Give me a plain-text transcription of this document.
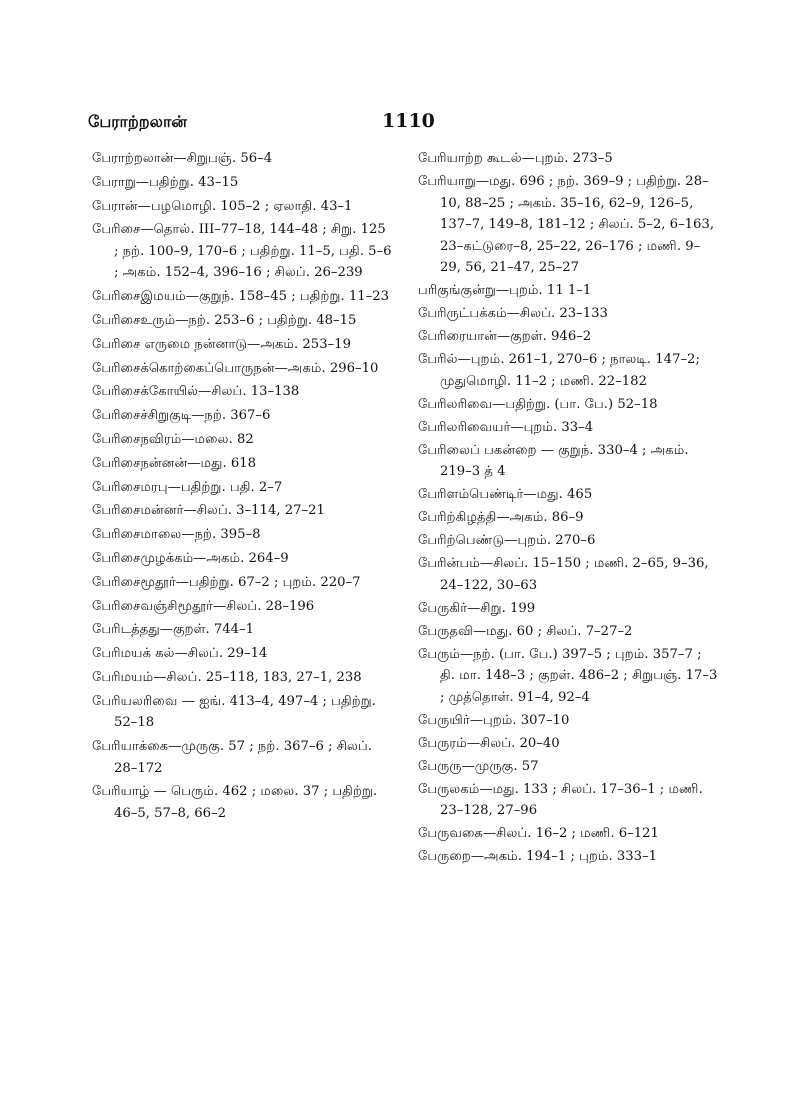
பேராற்றலான்	1110
பேராற்றலான்—சிறுபஞ். 56–4
பேராறு—பதிற்று. 43–15
பேரான்—பழமொழி. 105–2 ; ஏலாதி. 43–1
பேரிசை—தொல். III–77–18, 144–48 ; சிறு. 125 ; நற். 100–9, 170–6 ; பதிற்று. 11–5, பதி. 5–6 ; அகம். 152–4, 396–16 ; சிலப். 26–239
பேரிசைஇமயம்—குறுந். 158–45 ; பதிற்று. 11–23
பேரிசைஉரும்—நற். 253–6 ; பதிற்று. 48–15
பேரிசை எருமை நன்னாடு—அகம். 253–19
பேரிசைக்கொற்கைப்பொருநன்—அகம். 296–10
பேரிசைக்கோயில்—சிலப். 13–138
பேரிசைச்சிறுகுடி—நற். 367–6
பேரிசைநவிரம்—மலை. 82
பேரிசைநன்னன்—மது. 618
பேரிசைமரபு—பதிற்று. பதி. 2–7
பேரிசைமன்னர்—சிலப். 3–114, 27–21
பேரிசைமாலை—நற். 395–8
பேரிசைமுழக்கம்—அகம். 264–9
பேரிசைமூதூர்—பதிற்று. 67–2 ; புறம். 220–7
பேரிசைவஞ்சிமூதூர்—சிலப். 28–196
பேரிடத்தது—குறள். 744–1
பேரிமயக் கல்—சிலப். 29–14
பேரிமயம்—சிலப். 25–118, 183, 27–1, 238
பேரியலரிவை — ஐங். 413–4, 497–4 ; பதிற்று. 52–18
பேரியாக்கை—முருகு. 57 ; நற். 367–6 ; சிலப். 28–172
பேரியாழ் — பெரும். 462 ; மலை. 37 ; பதிற்று. 46–5, 57–8, 66–2
பேரியாற்ற கூடல்—புறம். 273–5
பேரியாறு—மது. 696 ; நற். 369–9 ; பதிற்று. 28–10, 88–25 ; அகம். 35–16, 62–9, 126–5, 137–7, 149–8, 181–12 ; சிலப். 5–2, 6–163, 23–கட்டுரை–8, 25–22, 26–176 ; மணி. 9–29, 56, 21–47, 25–27
பரிகுங்குன்று—புறம். 11 1–1
பேரிருட்பக்கம்—சிலப். 23–133
பேரிரையான்—குறள். 946–2
பேரில்—புறம். 261–1, 270–6 ; நாலடி. 147–2; முதுமொழி. 11–2 ; மணி. 22–182
பேரிலரிவை—பதிற்று. (பா. பே.) 52–18
பேரிலரிவையர்—புறம். 33–4
பேரிலைப் பகன்றை — குறுந். 330–4 ; அகம். 219–3 த் 4
பேரிளம்பெண்டிர்—மது. 465
பேரிற்கிழத்தி—அகம். 86–9
பேரிற்பெண்டு—புறம். 270–6
பேரின்பம்—சிலப். 15–150 ; மணி. 2–65, 9–36, 24–122, 30–63
பேருகிர்—சிறு. 199
பேருதவி—மது. 60 ; சிலப். 7–27–2
பேரும்—நற். (பா. பே.) 397–5 ; புறம். 357–7 ; தி. மா. 148–3 ; குறள். 486–2 ; சிறுபஞ். 17–3 ; முத்தொள். 91–4, 92–4
பேருயிர்—புறம். 307–10
பேருரம்—சிலப். 20–40
பேருரு—முருகு. 57
பேருலகம்—மது. 133 ; சிலப். 17–36–1 ; மணி. 23–128, 27–96
பேருவகை—சிலப். 16–2 ; மணி. 6–121
பேருறை—அகம். 194–1 ; புறம். 333–1
